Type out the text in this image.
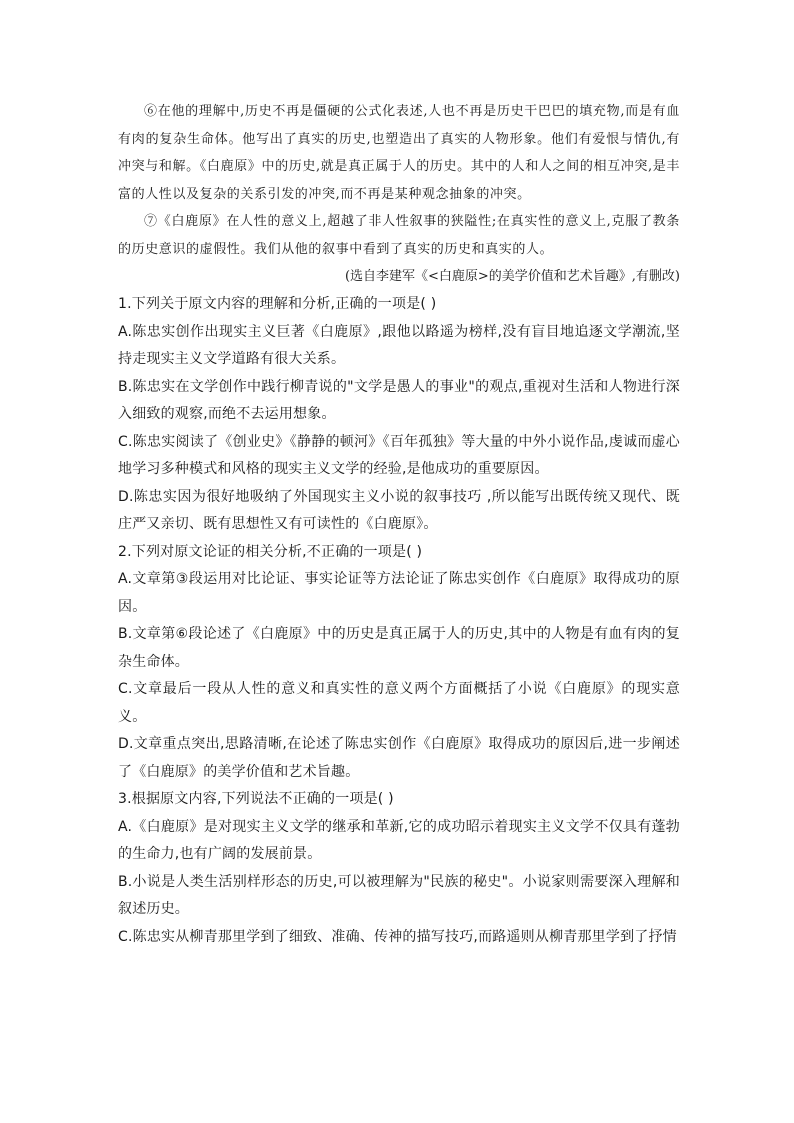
⑥在他的理解中,历史不再是僵硬的公式化表述,人也不再是历史干巴巴的填充物,而是有血有肉的复杂生命体。他写出了真实的历史,也塑造出了真实的人物形象。他们有爱恨与情仇,有冲突与和解。《白鹿原》中的历史,就是真正属于人的历史。其中的人和人之间的相互冲突,是丰富的人性以及复杂的关系引发的冲突,而不再是某种观念抽象的冲突。

⑦《白鹿原》在人性的意义上,超越了非人性叙事的狭隘性;在真实性的意义上,克服了教条的历史意识的虚假性。我们从他的叙事中看到了真实的历史和真实的人。

(选自李建军《<白鹿原>的美学价值和艺术旨趣》,有删改)

1.下列关于原文内容的理解和分析,正确的一项是( )

A.陈忠实创作出现实主义巨著《白鹿原》,跟他以路遥为榜样,没有盲目地追逐文学潮流,坚持走现实主义文学道路有很大关系。

B.陈忠实在文学创作中践行柳青说的"文学是愚人的事业"的观点,重视对生活和人物进行深入细致的观察,而绝不去运用想象。

C.陈忠实阅读了《创业史》《静静的顿河》《百年孤独》等大量的中外小说作品,虔诚而虚心地学习多种模式和风格的现实主义文学的经验,是他成功的重要原因。

D.陈忠实因为很好地吸纳了外国现实主义小说的叙事技巧 ,所以能写出既传统又现代、既庄严又亲切、既有思想性又有可读性的《白鹿原》。

2.下列对原文论证的相关分析,不正确的一项是( )

A.文章第③段运用对比论证、事实论证等方法论证了陈忠实创作《白鹿原》取得成功的原因。

B.文章第⑥段论述了《白鹿原》中的历史是真正属于人的历史,其中的人物是有血有肉的复杂生命体。

C.文章最后一段从人性的意义和真实性的意义两个方面概括了小说《白鹿原》的现实意义。

D.文章重点突出,思路清晰,在论述了陈忠实创作《白鹿原》取得成功的原因后,进一步阐述了《白鹿原》的美学价值和艺术旨趣。

3.根据原文内容,下列说法不正确的一项是( )

A.《白鹿原》是对现实主义文学的继承和革新,它的成功昭示着现实主义文学不仅具有蓬勃的生命力,也有广阔的发展前景。

B.小说是人类生活别样形态的历史,可以被理解为"民族的秘史"。小说家则需要深入理解和叙述历史。

C.陈忠实从柳青那里学到了细致、准确、传神的描写技巧,而路遥则从柳青那里学到了抒情
